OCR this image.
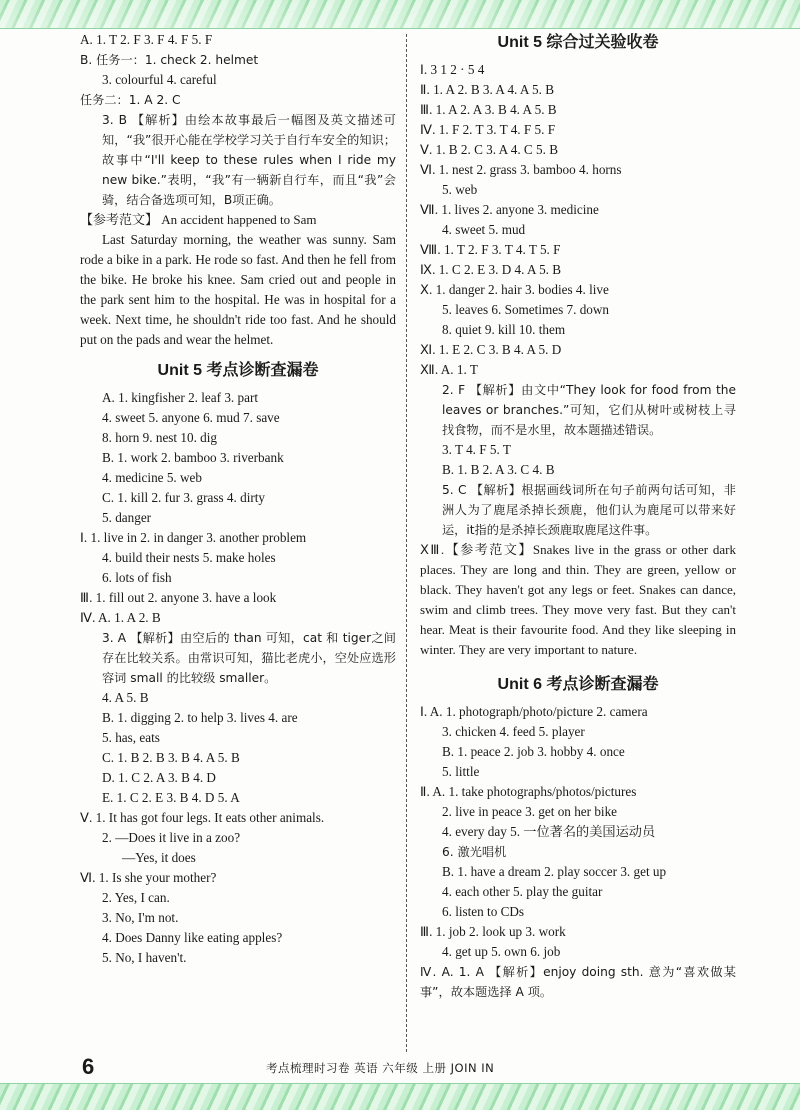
A. 1. T 2. F 3. F 4. F 5. F
B. 任务一：1. check 2. helmet
3. colourful 4. careful
任务二：1. A 2. C
3. B 【解析】由绘本故事最后一幅图及英文描述可知，“我”很开心能在学校学习关于自行车安全的知识；故事中“I'll keep to these rules when I ride my new bike.”表明，“我”有一辆新自行车，而且“我”会骑，结合备选项可知，B项正确。
【参考范文】 An accident happened to Sam
Last Saturday morning, the weather was sunny. Sam rode a bike in a park. He rode so fast. And then he fell from the bike. He broke his knee. Sam cried out and people in the park sent him to the hospital. He was in hospital for a week. Next time, he shouldn't ride too fast. And he should put on the pads and wear the helmet.
Unit 5 考点诊断查漏卷
A. 1. kingfisher 2. leaf 3. part
4. sweet 5. anyone 6. mud 7. save
8. horn 9. nest 10. dig
B. 1. work 2. bamboo 3. riverbank
4. medicine 5. web
C. 1. kill 2. fur 3. grass 4. dirty
5. danger
Ⅰ. 1. live in 2. in danger 3. another problem
4. build their nests 5. make holes
6. lots of fish
Ⅲ. 1. fill out 2. anyone 3. have a look
Ⅳ. A. 1. A 2. B
3. A 【解析】由空后的 than 可知，cat 和 tiger之间存在比较关系。由常识可知，猫比老虎小，空处应选形容词 small 的比较级 smaller。
4. A 5. B
B. 1. digging 2. to help 3. lives 4. are
5. has, eats
C. 1. B 2. B 3. B 4. A 5. B
D. 1. C 2. A 3. B 4. D
E. 1. C 2. E 3. B 4. D 5. A
Ⅴ. 1. It has got four legs. It eats other animals.
2. —Does it live in a zoo?
—Yes, it does
Ⅵ. 1. Is she your mother?
2. Yes, I can.
3. No, I'm not.
4. Does Danny like eating apples?
5. No, I haven't.
Unit 5 综合过关验收卷
Ⅰ. 3 1 2 · 5 4
Ⅱ. 1. A 2. B 3. A 4. A 5. B
Ⅲ. 1. A 2. A 3. B 4. A 5. B
Ⅳ. 1. F 2. T 3. T 4. F 5. F
Ⅴ. 1. B 2. C 3. A 4. C 5. B
Ⅵ. 1. nest 2. grass 3. bamboo 4. horns
5. web
Ⅶ. 1. lives 2. anyone 3. medicine
4. sweet 5. mud
Ⅷ. 1. T 2. F 3. T 4. T 5. F
Ⅸ. 1. C 2. E 3. D 4. A 5. B
Ⅹ. 1. danger 2. hair 3. bodies 4. live
5. leaves 6. Sometimes 7. down
8. quiet 9. kill 10. them
Ⅺ. 1. E 2. C 3. B 4. A 5. D
Ⅻ. A. 1. T
2. F 【解析】由文中“They look for food from the leaves or branches.”可知，它们从树叶或树枝上寻找食物，而不是水里，故本题描述错误。
3. T 4. F 5. T
B. 1. B 2. A 3. C 4. B
5. C 【解析】根据画线词所在句子前两句话可知，非洲人为了鹿尾杀掉长颈鹿，他们认为鹿尾可以带来好运，it指的是杀掉长颈鹿取鹿尾这件事。
ⅩⅢ.【参考范文】Snakes live in the grass or other dark places. They are long and thin. They are green, yellow or black. They haven't got any legs or feet. Snakes can dance, swim and climb trees. They move very fast. But they can't hear. Meat is their favourite food. And they like sleeping in winter. They are very important to nature.
Unit 6 考点诊断查漏卷
Ⅰ. A. 1. photograph/photo/picture 2. camera
3. chicken 4. feed 5. player
B. 1. peace 2. job 3. hobby 4. once
5. little
Ⅱ. A. 1. take photographs/photos/pictures
2. live in peace 3. get on her bike
4. every day 5. 一位著名的美国运动员
6. 激光唱机
B. 1. have a dream 2. play soccer 3. get up
4. each other 5. play the guitar
6. listen to CDs
Ⅲ. 1. job 2. look up 3. work
4. get up 5. own 6. job
Ⅳ. A. 1. A 【解析】enjoy doing sth. 意为“喜欢做某事”，故本题选择 A 项。
6	考点梳理时习卷 英语 六年级 上册 JOIN IN
